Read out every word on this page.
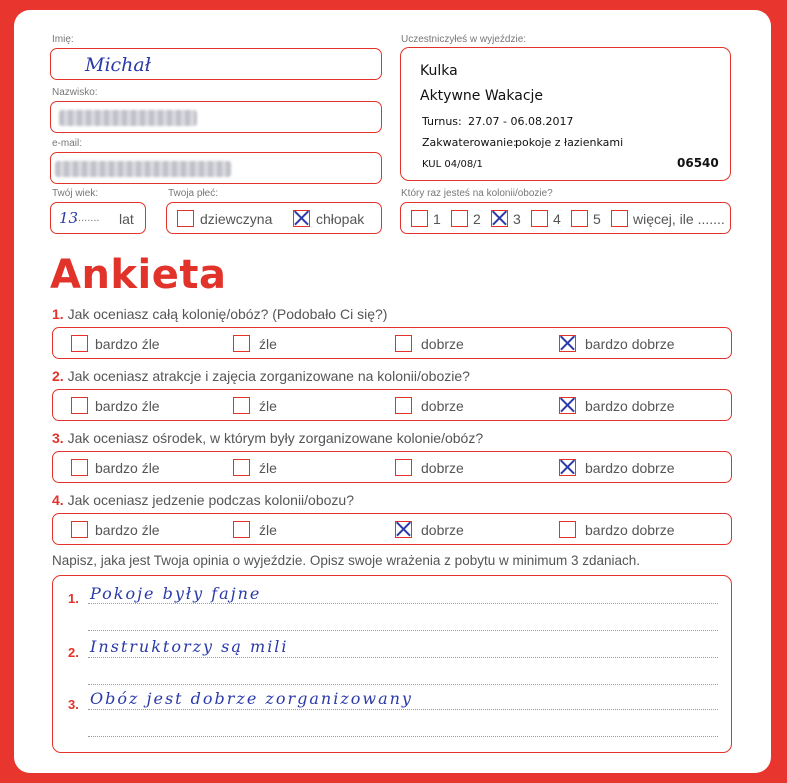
Imię:
Michał
Nazwisko:
e-mail:
Twój wiek:
13
........ lat
Twoja płeć:
dziewczyna	chłopak
Uczestniczyłeś w wyjeździe:
Kulka
Aktywne Wakacje
Turnus: 27.07 - 06.08.2017
Zakwaterowanie:
pokoje z łazienkami
KUL 04/08/1	06540
Który raz jesteś na kolonii/obozie?
1 2 3 4 5 więcej, ile .......
Ankieta
1. Jak oceniasz całą kolonię/obóz? (Podobało Ci się?)
bardzo źle	źle	dobrze	bardzo dobrze
2. Jak oceniasz atrakcje i zajęcia zorganizowane na kolonii/obozie?
bardzo źle	źle	dobrze	bardzo dobrze
3. Jak oceniasz ośrodek, w którym były zorganizowane kolonie/obóz?
bardzo źle	źle	dobrze	bardzo dobrze
4. Jak oceniasz jedzenie podczas kolonii/obozu?
bardzo źle	źle	dobrze	bardzo dobrze
Napisz, jaka jest Twoja opinia o wyjeździe. Opisz swoje wrażenia z pobytu w minimum 3 zdaniach.
1. Pokoje były fajne
2. Instruktorzy są mili
3. Obóz jest dobrze zorganizowany
